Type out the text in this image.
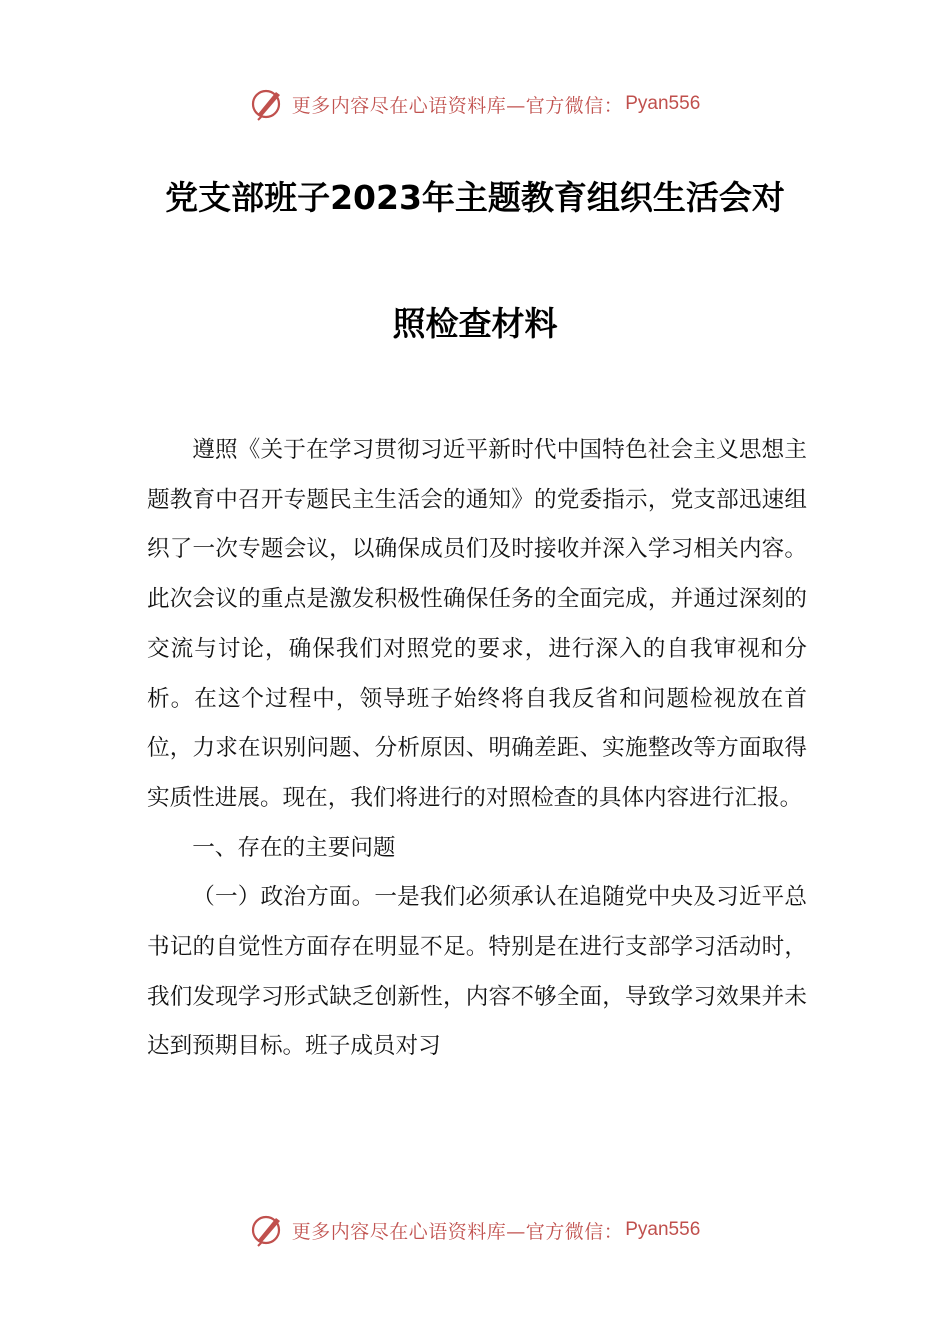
更多内容尽在心语资料库—官方微信： Pyan556
党支部班子2023年主题教育组织生活会对
照检查材料

遵照《关于在学习贯彻习近平新时代中国特色社会主义思想主题教育中召开专题民主生活会的通知》的党委指示，党支部迅速组织了一次专题会议，以确保成员们及时接收并深入学习相关内容。此次会议的重点是激发积极性确保任务的全面完成，并通过深刻的交流与讨论，确保我们对照党的要求，进行深入的自我审视和分析。在这个过程中，领导班子始终将自我反省和问题检视放在首位，力求在识别问题、分析原因、明确差距、实施整改等方面取得实质性进展。现在，我们将进行的对照检查的具体内容进行汇报。

一、存在的主要问题

（一）政治方面。一是我们必须承认在追随党中央及习近平总书记的自觉性方面存在明显不足。特别是在进行支部学习活动时，我们发现学习形式缺乏创新性，内容不够全面，导致学习效果并未达到预期目标。班子成员对习

更多内容尽在心语资料库—官方微信： Pyan556
